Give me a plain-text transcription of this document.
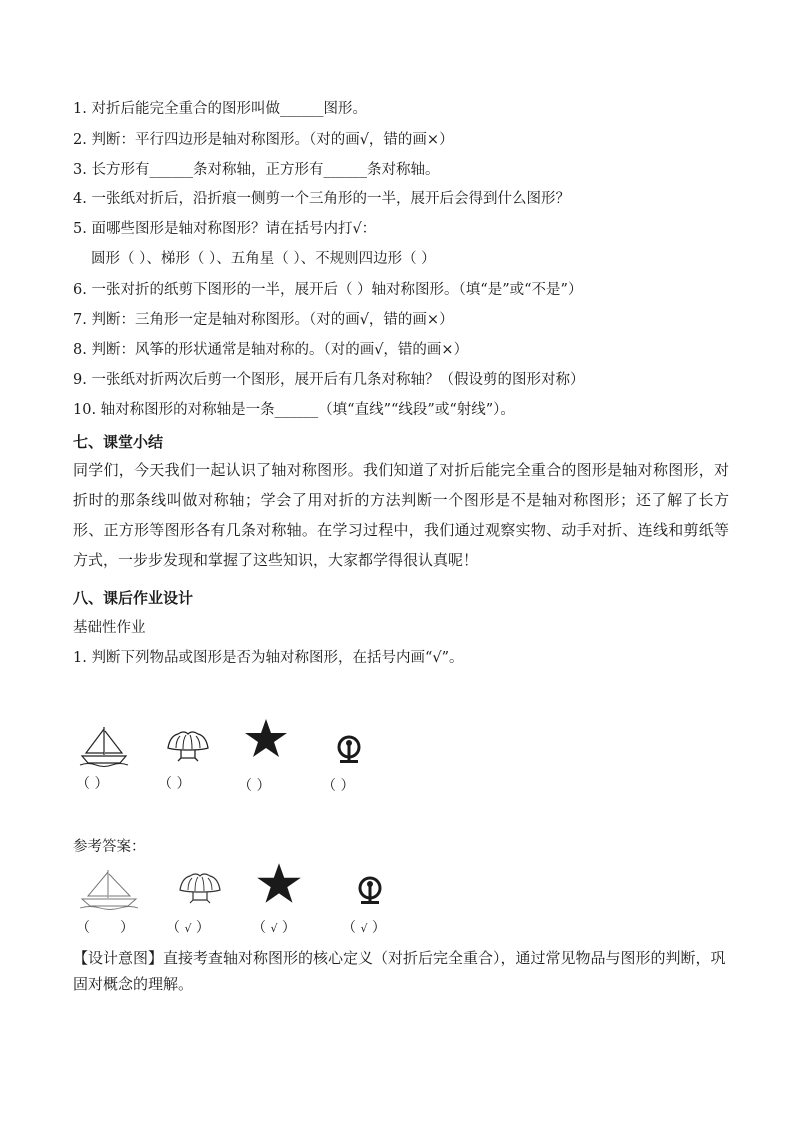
1. 对折后能完全重合的图形叫做______图形。
2. 判断：平行四边形是轴对称图形。（对的画√，错的画×）
3. 长方形有______条对称轴，正方形有______条对称轴。
4. 一张纸对折后，沿折痕一侧剪一个三角形的一半，展开后会得到什么图形？
5. 面哪些图形是轴对称图形？请在括号内打√：
圆形（ ）、梯形（ ）、五角星（ ）、不规则四边形（ ）
6. 一张对折的纸剪下图形的一半，展开后（ ）轴对称图形。（填“是”或“不是”）
7. 判断：三角形一定是轴对称图形。（对的画√，错的画×）
8. 判断：风筝的形状通常是轴对称的。（对的画√，错的画×）
9. 一张纸对折两次后剪一个图形，展开后有几条对称轴？（假设剪的图形对称）
10. 轴对称图形的对称轴是一条______（填“直线”“线段”或“射线”）。
七、课堂小结
同学们，今天我们一起认识了轴对称图形。我们知道了对折后能完全重合的图形是轴对称图形，对折时的那条线叫做对称轴；学会了用对折的方法判断一个图形是不是轴对称图形；还了解了长方形、正方形等图形各有几条对称轴。在学习过程中，我们通过观察实物、动手对折、连线和剪纸等方式，一步步发现和掌握了这些知识，大家都学得很认真呢！
八、课后作业设计
基础性作业
1. 判断下列物品或图形是否为轴对称图形，在括号内画“√”。
（ ）	（ ）	（ ）	（ ）
参考答案：
（ ） （ √ ）	（ √ ）	（ √ ）
【设计意图】直接考查轴对称图形的核心定义（对折后完全重合），通过常见物品与图形的判断，巩固对概念的理解。
